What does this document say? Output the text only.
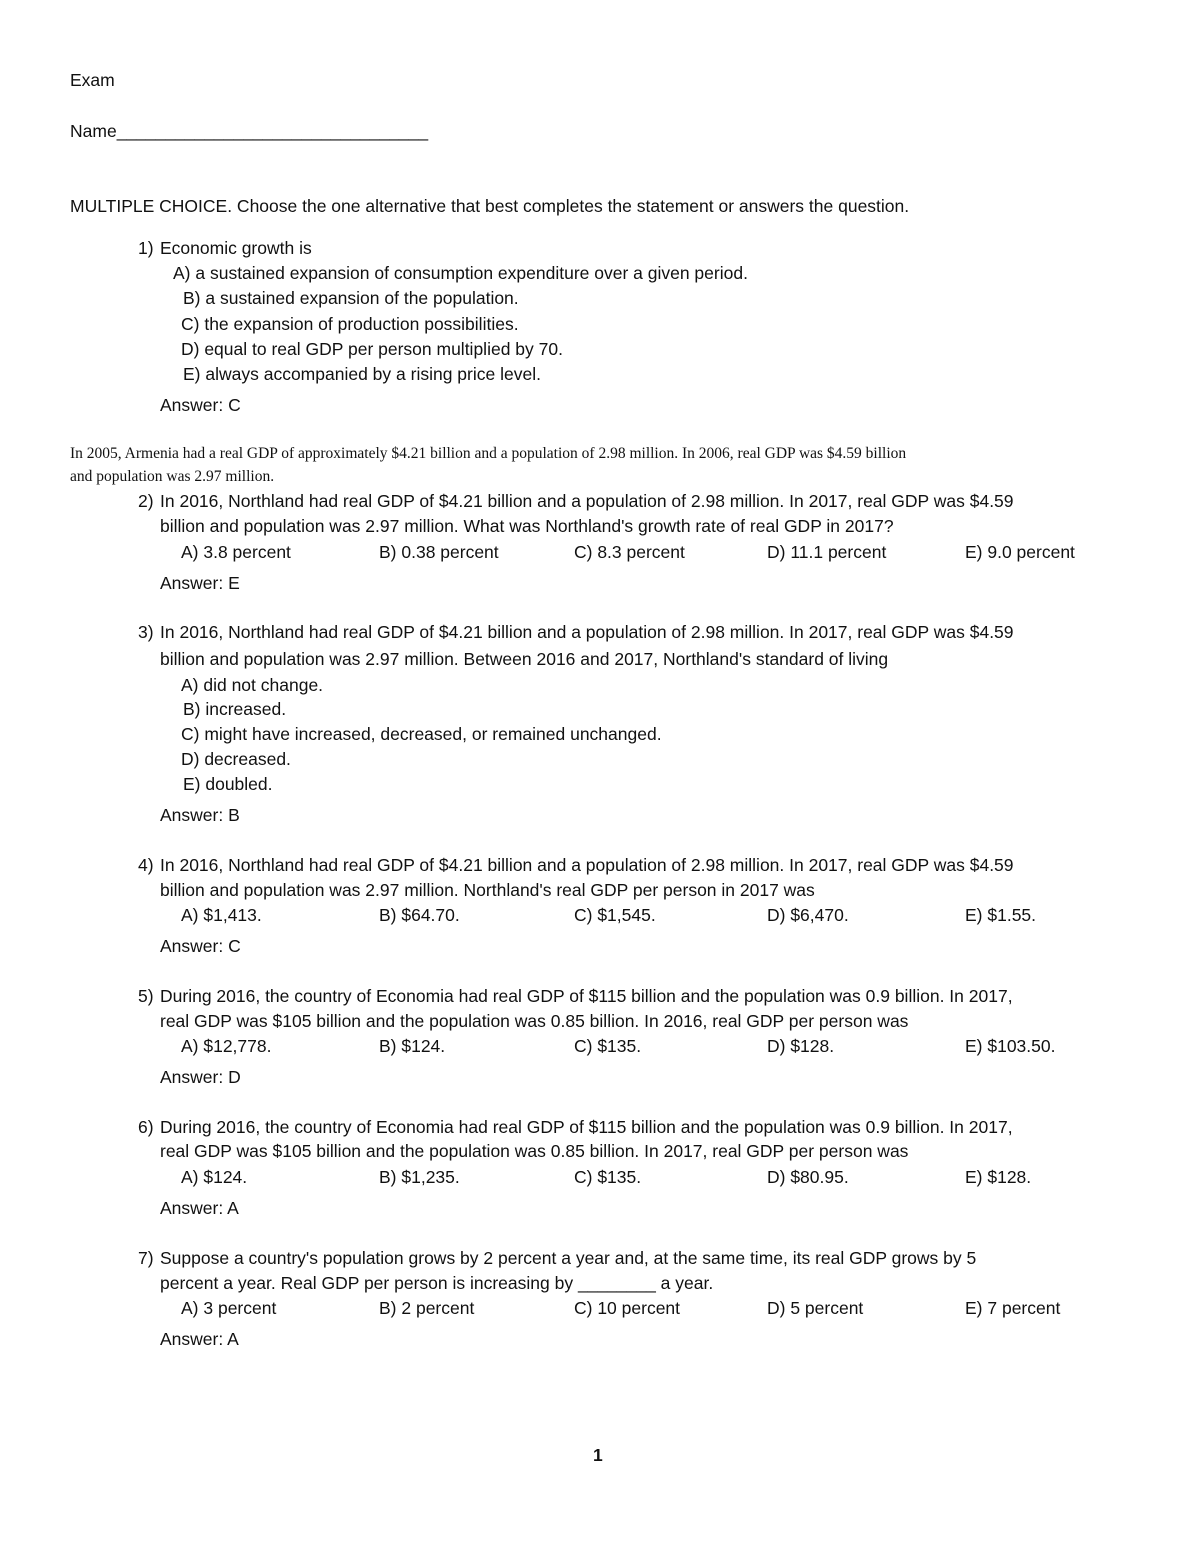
Exam
Name________________________________
MULTIPLE CHOICE. Choose the one alternative that best completes the statement or answers the question.
1) Economic growth is
A) a sustained expansion of consumption expenditure over a given period.
B) a sustained expansion of the population.
C) the expansion of production possibilities.
D) equal to real GDP per person multiplied by 70.
E) always accompanied by a rising price level.
Answer: C
In 2005, Armenia had a real GDP of approximately $4.21 billion and a population of 2.98 million. In 2006, real GDP was $4.59 billion
and population was 2.97 million.
2) In 2016, Northland had real GDP of $4.21 billion and a population of 2.98 million. In 2017, real GDP was $4.59
billion and population was 2.97 million. What was Northland's growth rate of real GDP in 2017?
A) 3.8 percent	B) 0.38 percent	C) 8.3 percent	D) 11.1 percent	E) 9.0 percent
Answer: E
3) In 2016, Northland had real GDP of $4.21 billion and a population of 2.98 million. In 2017, real GDP was $4.59
billion and population was 2.97 million. Between 2016 and 2017, Northland's standard of living
A) did not change.
B) increased.
C) might have increased, decreased, or remained unchanged.
D) decreased.
E) doubled.
Answer: B
4) In 2016, Northland had real GDP of $4.21 billion and a population of 2.98 million. In 2017, real GDP was $4.59
billion and population was 2.97 million. Northland's real GDP per person in 2017 was
A) $1,413.	B) $64.70.	C) $1,545.	D) $6,470.	E) $1.55.
Answer: C
5) During 2016, the country of Economia had real GDP of $115 billion and the population was 0.9 billion. In 2017,
real GDP was $105 billion and the population was 0.85 billion. In 2016, real GDP per person was
A) $12,778.	B) $124.	C) $135.	D) $128.	E) $103.50.
Answer: D
6) During 2016, the country of Economia had real GDP of $115 billion and the population was 0.9 billion. In 2017,
real GDP was $105 billion and the population was 0.85 billion. In 2017, real GDP per person was
A) $124.	B) $1,235.	C) $135.	D) $80.95.	E) $128.
Answer: A
7) Suppose a country's population grows by 2 percent a year and, at the same time, its real GDP grows by 5
percent a year. Real GDP per person is increasing by ________ a year.
A) 3 percent	B) 2 percent	C) 10 percent	D) 5 percent	E) 7 percent
Answer: A
1
